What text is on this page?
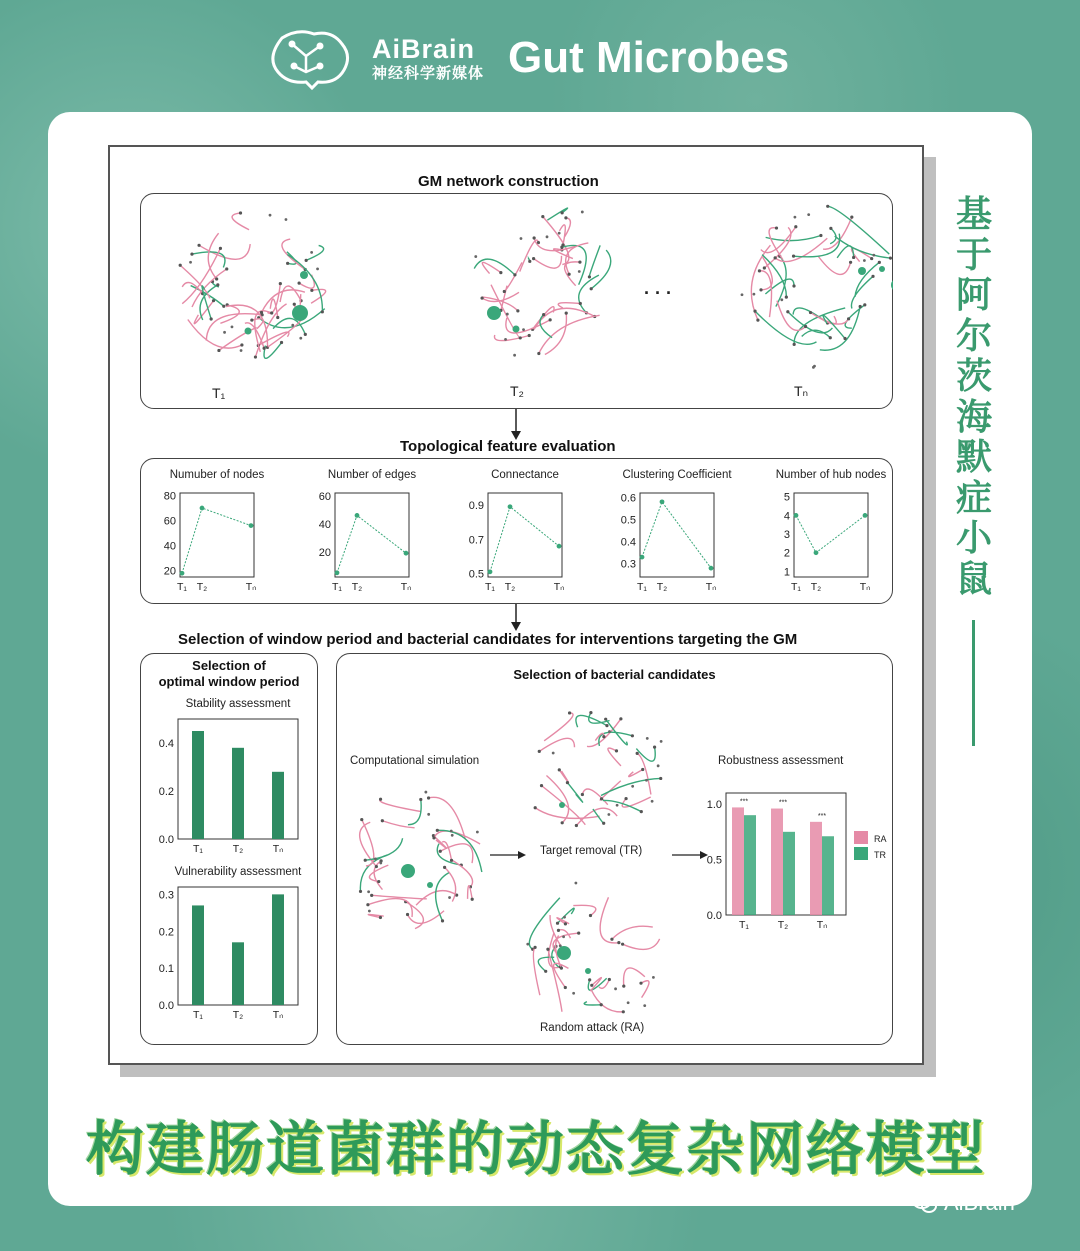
AiBrain
神经科学新媒体 Gut Microbes
基于阿尔茨海默症小鼠
GM network construction
T₁	T₂	Tₙ
· · ·
Topological feature evaluation
Numuber of nodes
80
60
40
20
T₁ T₂	Tₙ
Number of edges
60
40
20
T₁ T₂	Tₙ
Connectance
0.9
0.7
0.5
T₁ T₂	Tₙ
Clustering Coefficient
0.6
0.5
0.4
0.3
T₁ T₂	Tₙ
Number of hub nodes
5
4
3
2
1
T₁ T₂	Tₙ
Selection of window period and bacterial candidates for interventions targeting the GM
Selection of
optimal window period
Stability assessment
0.4
0.2
0.0
T₁	T₂	Tₙ
Vulnerability assessment
0.3
0.2
0.1
0.0
T₁	T₂	Tₙ
Selection of bacterial candidates
1.0
0.5
0.0
***
T₁
***
T₂
***
Tₙ
RA
TR
Computational simulation
Target removal (TR)
Random attack (RA)
Robustness assessment
构建肠道菌群的动态复杂网络模型
AiBrain
